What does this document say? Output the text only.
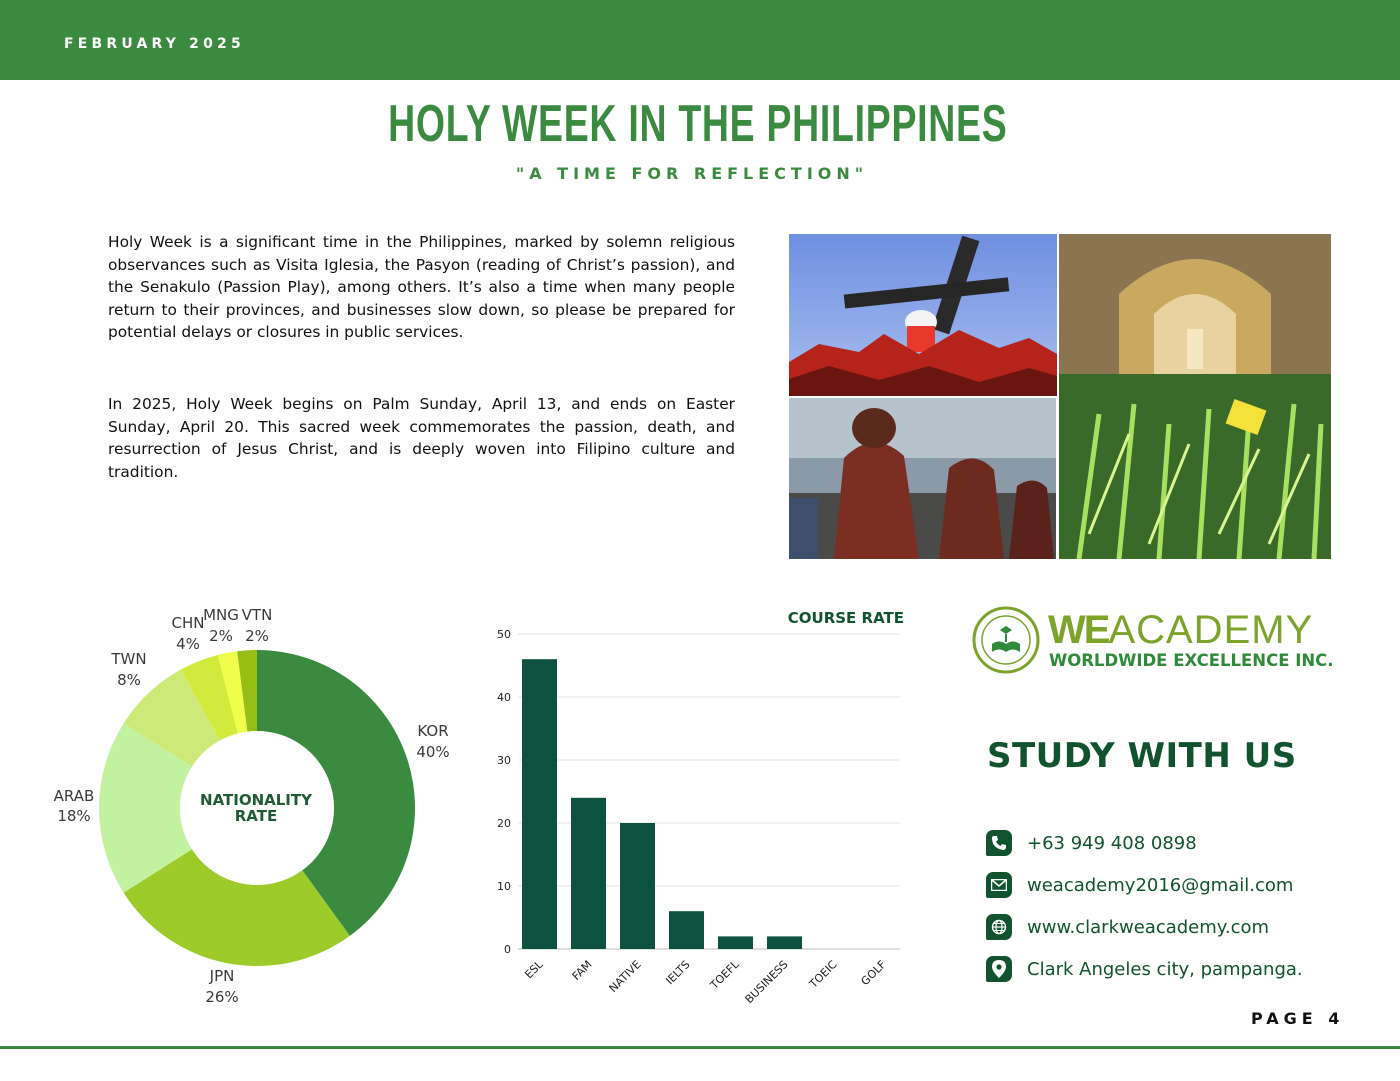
FEBRUARY 2025
HOLY WEEK IN THE PHILIPPINES
"A TIME FOR REFLECTION"

Holy Week is a significant time in the Philippines, marked by solemn religious observances such as Visita Iglesia, the Pasyon (reading of Christ’s passion), and the Senakulo (Passion Play), among others. It’s also a time when many people return to their provinces, and businesses slow down, so please be prepared for potential delays or closures in public services.

In 2025, Holy Week begins on Palm Sunday, April 13, and ends on Easter Sunday, April 20. This sacred week commemorates the passion, death, and resurrection of Jesus Christ, and is deeply woven into Filipino culture and tradition.

KOR
40%
JPN
26%
ARAB
18%
TWN
8%
CHN
4%
MNG
2%
VTN
2%
NATIONALITY
RATE
COURSE RATE
0
10
20
30
40
50
ESL FAM NATIVE IELTS TOEFL BUSINESS TOEIC GOLF
WEACADEMY
WORLDWIDE EXCELLENCE INC.
STUDY WITH US
+63 949 408 0898
weacademy2016@gmail.com
www.clarkweacademy.com
Clark Angeles city, pampanga.
PAGE 4
